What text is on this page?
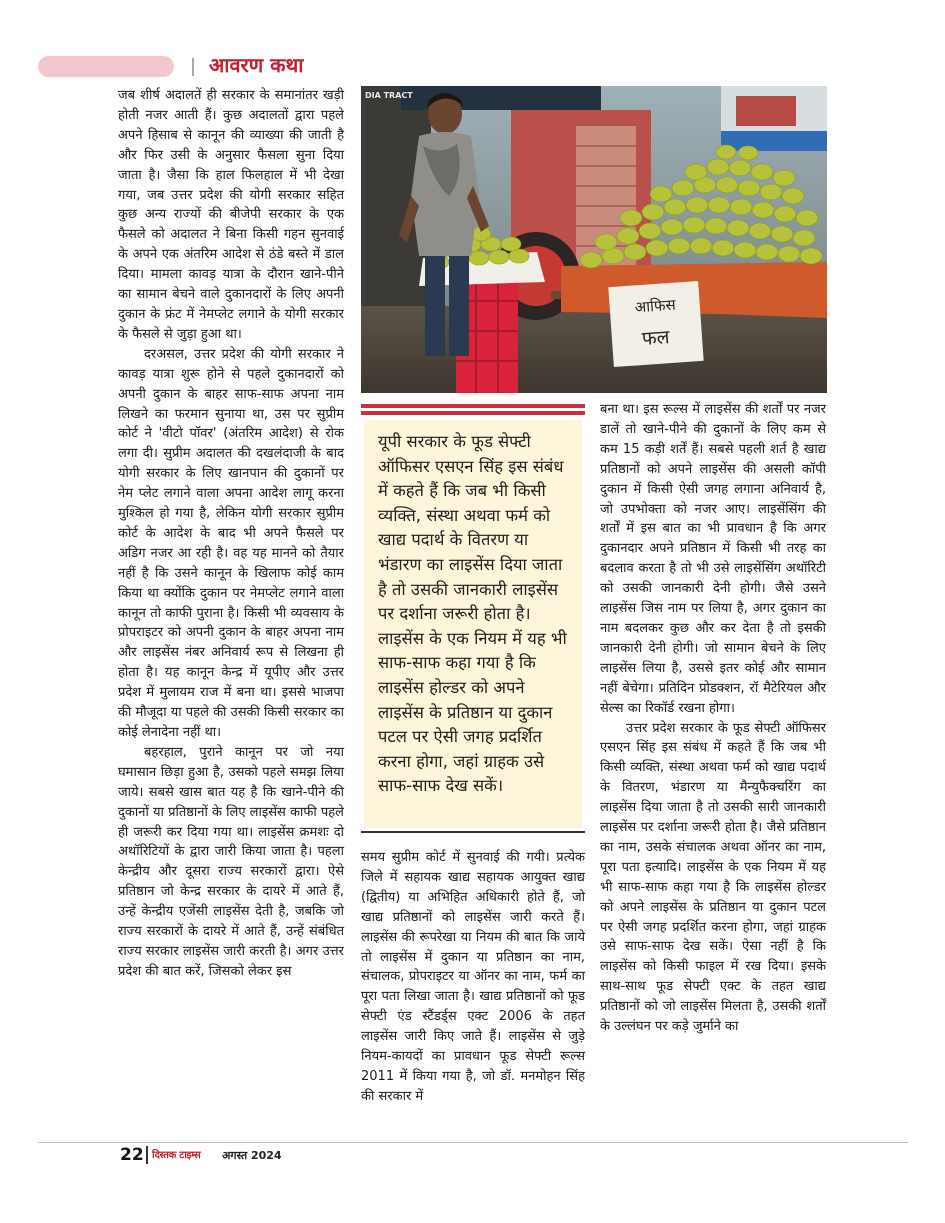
आवरण कथा

जब शीर्ष अदालतें ही सरकार के समानांतर खड़ी होती नजर आती हैं। कुछ अदालतों द्वारा पहले अपने हिसाब से कानून की व्याख्या की जाती है और फिर उसी के अनुसार फैसला सुना दिया जाता है। जैसा कि हाल फिलहाल में भी देखा गया, जब उत्तर प्रदेश की योगी सरकार सहित कुछ अन्य राज्यों की बीजेपी सरकार के एक फैसले को अदालत ने बिना किसी गहन सुनवाई के अपने एक अंतरिम आदेश से ठंडे बस्ते में डाल दिया। मामला कावड़ यात्रा के दौरान खाने-पीने का सामान बेचने वाले दुकानदारों के लिए अपनी दुकान के फ्रंट में नेमप्लेट लगाने के योगी सरकार के फैसले से जुड़ा हुआ था।

दरअसल, उत्तर प्रदेश की योगी सरकार ने कावड़ यात्रा शुरू होने से पहले दुकानदारों को अपनी दुकान के बाहर साफ-साफ अपना नाम लिखने का फरमान सुनाया था, उस पर सुप्रीम कोर्ट ने 'वीटो पॉवर' (अंतरिम आदेश) से रोक लगा दी। सुप्रीम अदालत की दखलंदाजी के बाद योगी सरकार के लिए खानपान की दुकानों पर नेम प्लेट लगाने वाला अपना आदेश लागू करना मुश्किल हो गया है, लेकिन योगी सरकार सुप्रीम कोर्ट के आदेश के बाद भी अपने फैसले पर अडिग नजर आ रही है। वह यह मानने को तैयार नहीं है कि उसने कानून के खिलाफ कोई काम किया था क्योंकि दुकान पर नेमप्लेट लगाने वाला कानून तो काफी पुराना है। किसी भी व्यवसाय के प्रोपराइटर को अपनी दुकान के बाहर अपना नाम और लाइसेंस नंबर अनिवार्य रूप से लिखना ही होता है। यह कानून केन्द्र में यूपीए और उत्तर प्रदेश में मुलायम राज में बना था। इससे भाजपा की मौजूदा या पहले की उसकी किसी सरकार का कोई लेनादेना नहीं था।

बहरहाल, पुराने कानून पर जो नया घमासान छिड़ा हुआ है, उसको पहले समझ लिया जाये। सबसे खास बात यह है कि खाने-पीने की दुकानों या प्रतिष्ठानों के लिए लाइसेंस काफी पहले ही जरूरी कर दिया गया था। लाइसेंस क्रमशः दो अथॉरिटियों के द्वारा जारी किया जाता है। पहला केन्द्रीय और दूसरा राज्य सरकारों द्वारा। ऐसे प्रतिष्ठान जो केन्द्र सरकार के दायरे में आते हैं, उन्हें केन्द्रीय एजेंसी लाइसेंस देती है, जबकि जो राज्य सरकारों के दायरे में आते हैं, उन्हें संबंधित राज्य सरकार लाइसेंस जारी करती है। अगर उत्तर प्रदेश की बात करें, जिसको लेकर इस

DIA TRACT
आफिस
फल
यूपी सरकार के फूड सेफ्टी ऑफिसर एसएन सिंह इस संबंध में कहते हैं कि जब भी किसी व्यक्ति, संस्था अथवा फर्म को खाद्य पदार्थ के वितरण या भंडारण का लाइसेंस दिया जाता है तो उसकी जानकारी लाइसेंस पर दर्शाना जरूरी होता है। लाइसेंस के एक नियम में यह भी साफ-साफ कहा गया है कि लाइसेंस होल्डर को अपने लाइसेंस के प्रतिष्ठान या दुकान पटल पर ऐसी जगह प्रदर्शित करना होगा, जहां ग्राहक उसे साफ-साफ देख सकें।

समय सुप्रीम कोर्ट में सुनवाई की गयी। प्रत्येक जिले में सहायक खाद्य सहायक आयुक्त खाद्य (द्वितीय) या अभिहित अधिकारी होते हैं, जो खाद्य प्रतिष्ठानों को लाइसेंस जारी करते हैं। लाइसेंस की रूपरेखा या नियम की बात कि जाये तो लाइसेंस में दुकान या प्रतिष्ठान का नाम, संचालक, प्रोपराइटर या ऑनर का नाम, फर्म का पूरा पता लिखा जाता है। खाद्य प्रतिष्ठानों को फूड सेफ्टी एंड स्टैंडर्ड्स एक्ट 2006 के तहत लाइसेंस जारी किए जाते हैं। लाइसेंस से जुड़े नियम-कायदों का प्रावधान फूड सेफ्टी रूल्स 2011 में किया गया है, जो डॉ. मनमोहन सिंह की सरकार में

बना था। इस रूल्स में लाइसेंस की शर्तों पर नजर डालें तो खाने-पीने की दुकानों के लिए कम से कम 15 कड़ी शर्तें हैं। सबसे पहली शर्त है खाद्य प्रतिष्ठानों को अपने लाइसेंस की असली कॉपी दुकान में किसी ऐसी जगह लगाना अनिवार्य है, जो उपभोक्ता को नजर आए। लाइसेंसिंग की शर्तों में इस बात का भी प्रावधान है कि अगर दुकानदार अपने प्रतिष्ठान में किसी भी तरह का बदलाव करता है तो भी उसे लाइसेंसिंग अथॉरिटी को उसकी जानकारी देनी होगी। जैसे उसने लाइसेंस जिस नाम पर लिया है, अगर दुकान का नाम बदलकर कुछ और कर देता है तो इसकी जानकारी देनी होगी। जो सामान बेचने के लिए लाइसेंस लिया है, उससे इतर कोई और सामान नहीं बेचेगा। प्रतिदिन प्रोडक्शन, रॉ मैटेरियल और सेल्स का रिकॉर्ड रखना होगा।

उत्तर प्रदेश सरकार के फूड सेफ्टी ऑफिसर एसएन सिंह इस संबंध में कहते हैं कि जब भी किसी व्यक्ति, संस्था अथवा फर्म को खाद्य पदार्थ के वितरण, भंडारण या मैन्युफैक्चरिंग का लाइसेंस दिया जाता है तो उसकी सारी जानकारी लाइसेंस पर दर्शाना जरूरी होता है। जैसे प्रतिष्ठान का नाम, उसके संचालक अथवा ऑनर का नाम, पूरा पता इत्यादि। लाइसेंस के एक नियम में यह भी साफ-साफ कहा गया है कि लाइसेंस होल्डर को अपने लाइसेंस के प्रतिष्ठान या दुकान पटल पर ऐसी जगह प्रदर्शित करना होगा, जहां ग्राहक उसे साफ-साफ देख सकें। ऐसा नहीं है कि लाइसेंस को किसी फाइल में रख दिया। इसके साथ-साथ फूड सेफ्टी एक्ट के तहत खाद्य प्रतिष्ठानों को जो लाइसेंस मिलता है, उसकी शर्तों के उल्लंघन पर कड़े जुर्माने का

22 दिस्तक टाइम्स अगस्त 2024
